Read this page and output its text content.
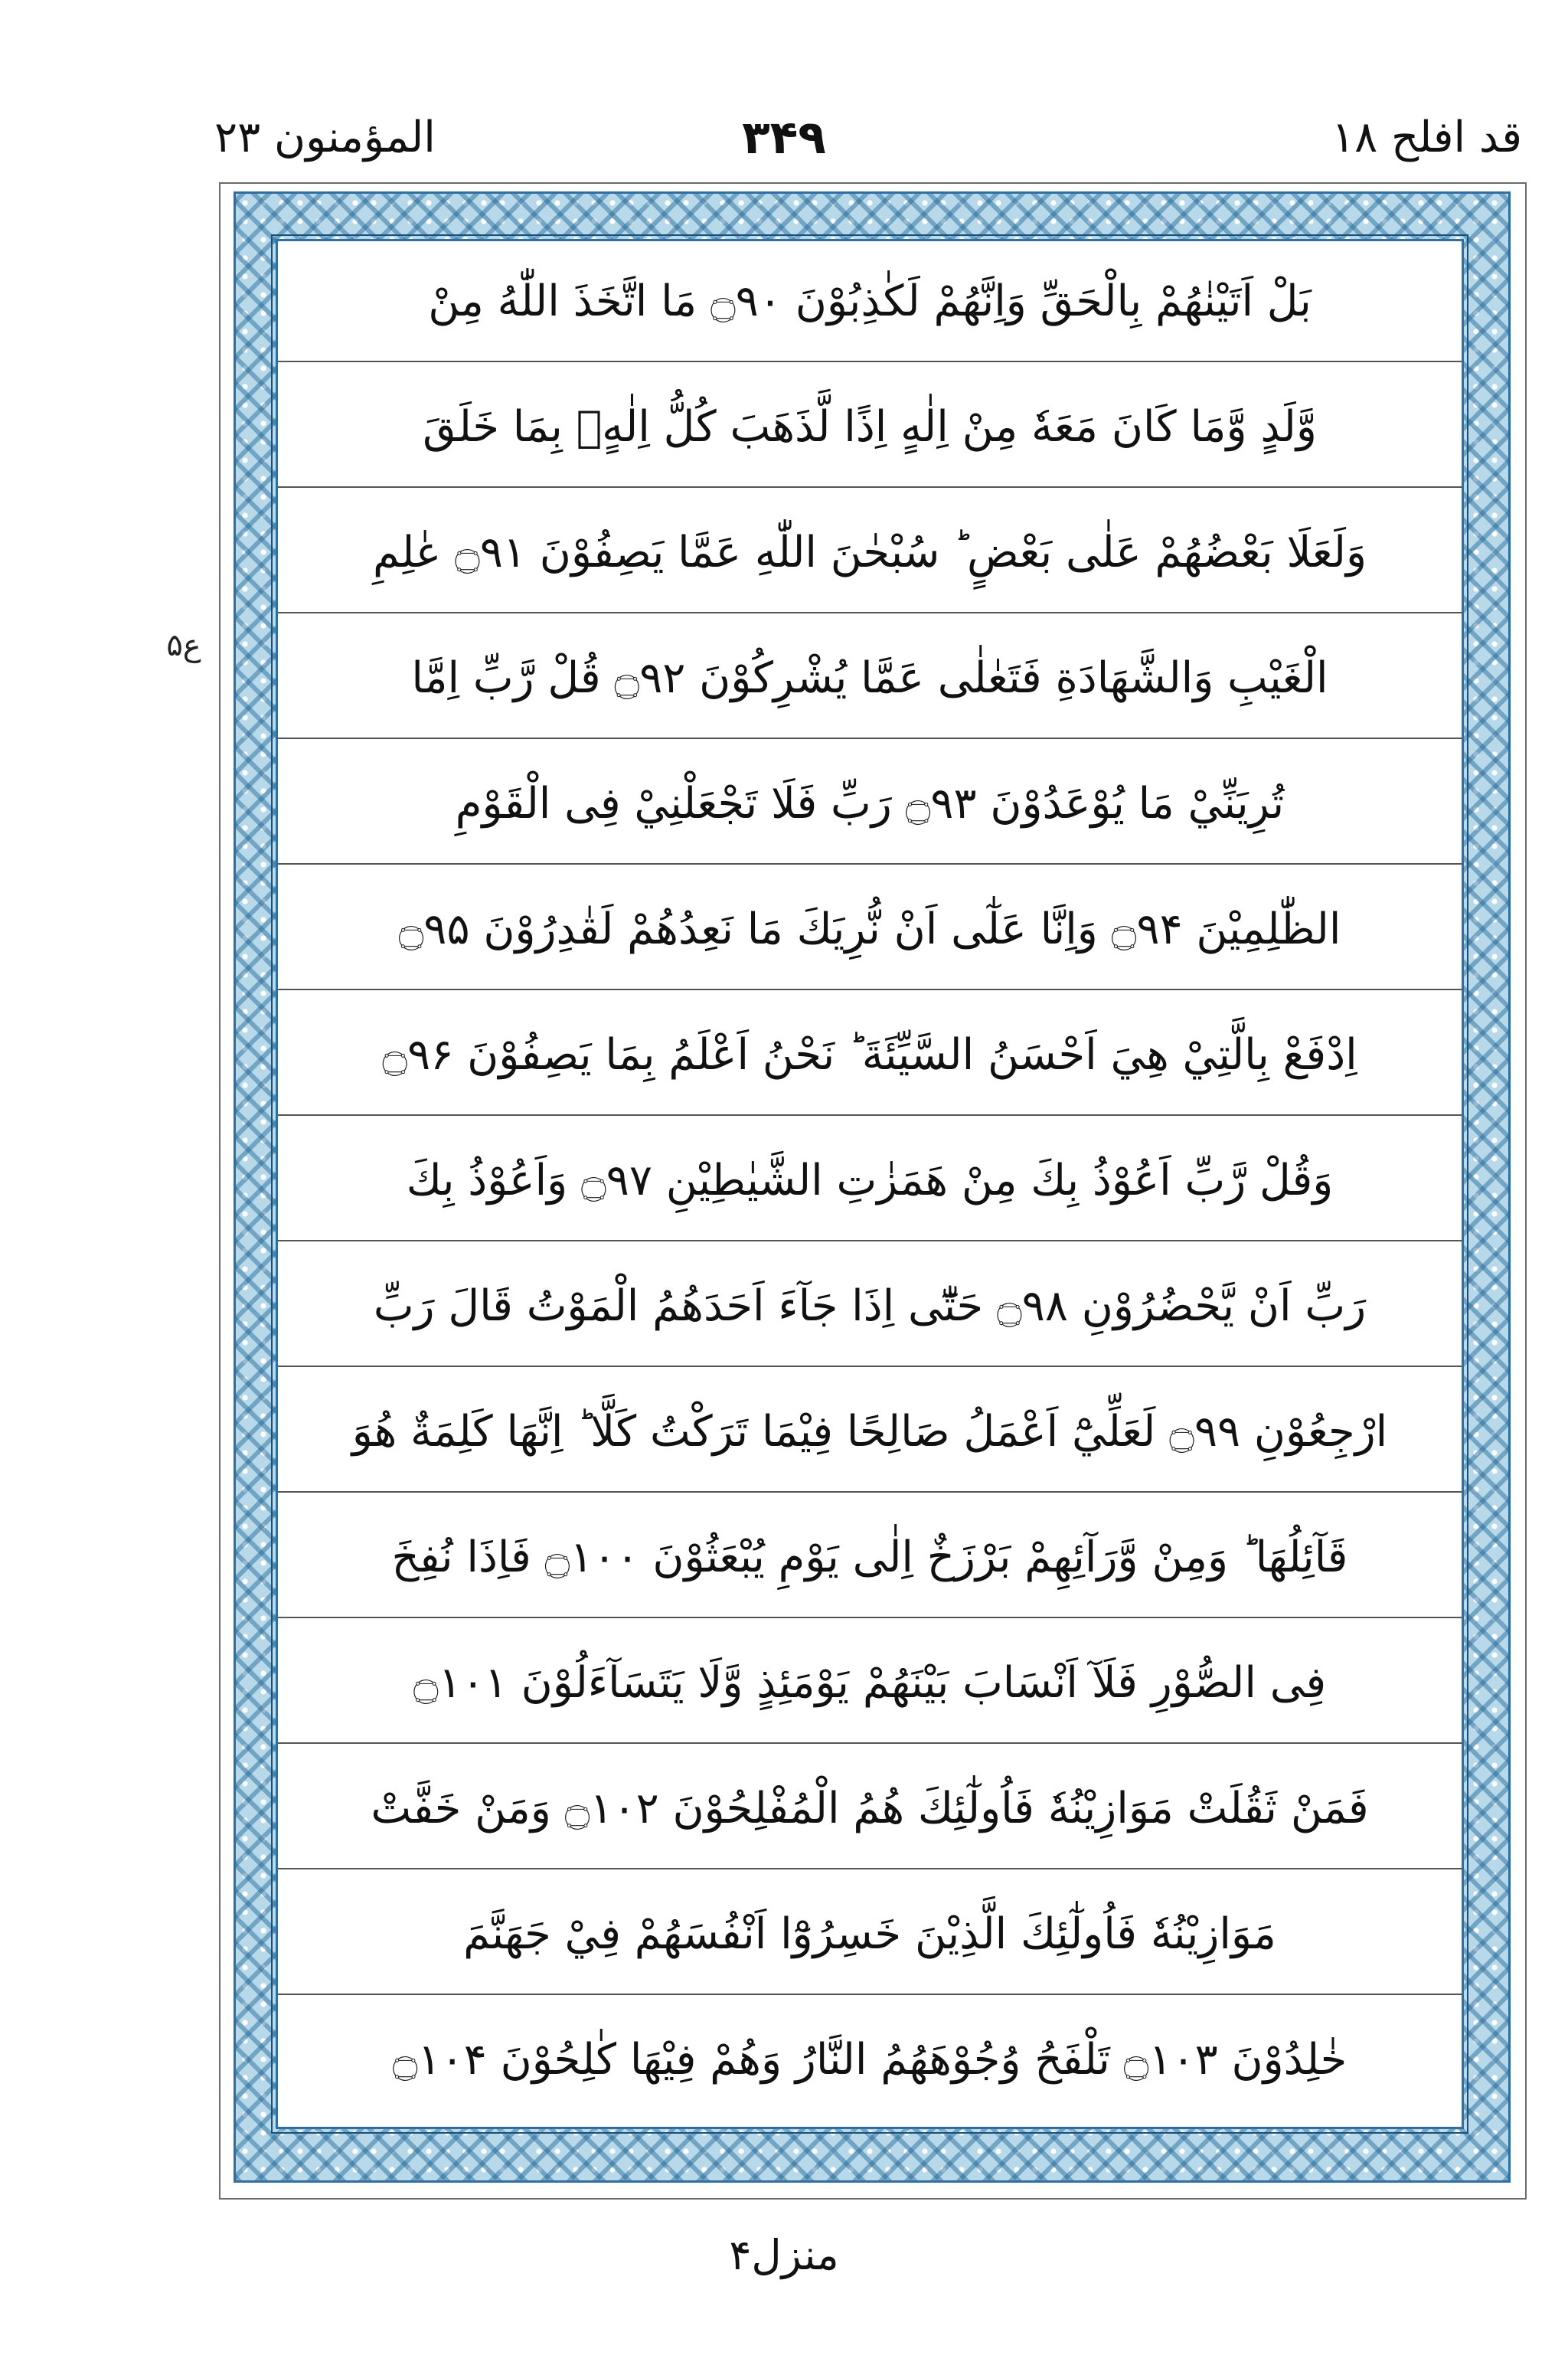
قد افلح ۱۸
۳۴۹
المؤمنون ۲۳
ع۵
بَلْ اَتَيْنٰهُمْ بِالْحَقِّ وَاِنَّهُمْ لَكٰذِبُوْنَ ۝۹۰ مَا اتَّخَذَ اللّٰهُ مِنْ
وَّلَدٍ وَّمَا كَانَ مَعَهٗ مِنْ اِلٰهٍ اِذًا لَّذَهَبَ كُلُّ اِلٰهٍۭ بِمَا خَلَقَ
وَلَعَلَا بَعْضُهُمْ عَلٰى بَعْضٍ ؕ سُبْحٰنَ اللّٰهِ عَمَّا يَصِفُوْنَ ۝۹۱ عٰلِمِ
الْغَيْبِ وَالشَّهَادَةِ فَتَعٰلٰى عَمَّا يُشْرِكُوْنَ ۝۹۲ قُلْ رَّبِّ اِمَّا
تُرِيَنِّيْ مَا يُوْعَدُوْنَ ۝۹۳ رَبِّ فَلَا تَجْعَلْنِيْ فِى الْقَوْمِ
الظّٰلِمِيْنَ ۝۹۴ وَاِنَّا عَلٰٓى اَنْ نُّرِيَكَ مَا نَعِدُهُمْ لَقٰدِرُوْنَ ۝۹۵
اِدْفَعْ بِالَّتِيْ هِيَ اَحْسَنُ السَّيِّئَةَ ؕ نَحْنُ اَعْلَمُ بِمَا يَصِفُوْنَ ۝۹۶
وَقُلْ رَّبِّ اَعُوْذُ بِكَ مِنْ هَمَزٰتِ الشَّيٰطِيْنِ ۝۹۷ وَاَعُوْذُ بِكَ
رَبِّ اَنْ يَّحْضُرُوْنِ ۝۹۸ حَتّٰٓى اِذَا جَآءَ اَحَدَهُمُ الْمَوْتُ قَالَ رَبِّ
ارْجِعُوْنِ ۝۹۹ لَعَلِّيْٓ اَعْمَلُ صَالِحًا فِيْمَا تَرَكْتُ كَلَّا ؕ اِنَّهَا كَلِمَةٌ هُوَ
قَآئِلُهَا ؕ وَمِنْ وَّرَآئِهِمْ بَرْزَخٌ اِلٰى يَوْمِ يُبْعَثُوْنَ ۝۱۰۰ فَاِذَا نُفِخَ
فِى الصُّوْرِ فَلَآ اَنْسَابَ بَيْنَهُمْ يَوْمَئِذٍ وَّلَا يَتَسَآءَلُوْنَ ۝۱۰۱
فَمَنْ ثَقُلَتْ مَوَازِيْنُهٗ فَاُولٰٓئِكَ هُمُ الْمُفْلِحُوْنَ ۝۱۰۲ وَمَنْ خَفَّتْ
مَوَازِيْنُهٗ فَاُولٰٓئِكَ الَّذِيْنَ خَسِرُوْٓا اَنْفُسَهُمْ فِيْ جَهَنَّمَ
خٰلِدُوْنَ ۝۱۰۳ تَلْفَحُ وُجُوْهَهُمُ النَّارُ وَهُمْ فِيْهَا كٰلِحُوْنَ ۝۱۰۴
منزل۴
